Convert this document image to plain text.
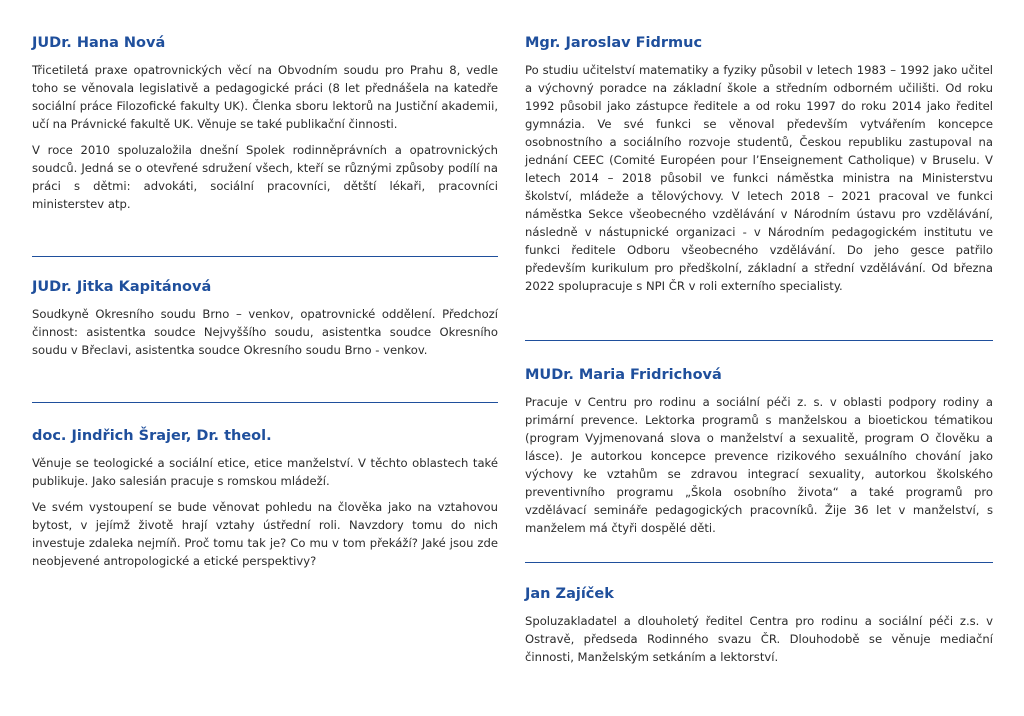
JUDr. Hana Nová

Třicetiletá praxe opatrovnických věcí na Obvodním soudu pro Prahu 8, vedle toho se věnovala legislativě a pedagogické práci (8 let přednášela na katedře sociální práce Filozofické fakulty UK). Členka sboru lektorů na Justiční akademii, učí na Právnické fakultě UK. Věnuje se také publikační činnosti.

V roce 2010 spoluzaložila dnešní Spolek rodinněprávních a opatrovnických soudců. Jedná se o otevřené sdružení všech, kteří se různými způsoby podílí na práci s dětmi: advokáti, sociální pracovníci, dětští lékaři, pracovníci ministerstev atp.

JUDr. Jitka Kapitánová

Soudkyně Okresního soudu Brno – venkov, opatrovnické oddělení. Předchozí činnost: asistentka soudce Nejvyššího soudu, asistentka soudce Okresního soudu v Břeclavi, asistentka soudce Okresního soudu Brno - venkov.

doc. Jindřich Šrajer, Dr. theol.

Věnuje se teologické a sociální etice, etice manželství. V těchto oblastech také publikuje. Jako salesián pracuje s romskou mládeží.

Ve svém vystoupení se bude věnovat pohledu na člověka jako na vztahovou bytost, v jejímž životě hrají vztahy ústřední roli. Navzdory tomu do nich investuje zdaleka nejmíň. Proč tomu tak je? Co mu v tom překáží? Jaké jsou zde neobjevené antropologické a etické perspektivy?

Mgr. Jaroslav Fidrmuc

Po studiu učitelství matematiky a fyziky působil v letech 1983 – 1992 jako učitel a výchovný poradce na základní škole a středním odborném učilišti. Od roku 1992 působil jako zástupce ředitele a od roku 1997 do roku 2014 jako ředitel gymnázia. Ve své funkci se věnoval především vytvářením koncepce osobnostního a sociálního rozvoje studentů, Českou republiku zastupoval na jednání CEEC (Comité Européen pour l’Enseignement Catholique) v Bruselu. V letech 2014 – 2018 působil ve funkci náměstka ministra na Ministerstvu školství, mládeže a tělovýchovy. V letech 2018 – 2021 pracoval ve funkci náměstka Sekce všeobecného vzdělávání v Národním ústavu pro vzdělávání, následně v nástupnické organizaci - v Národním pedagogickém institutu ve funkci ředitele Odboru všeobecného vzdělávání. Do jeho gesce patřilo především kurikulum pro předškolní, základní a střední vzdělávání. Od března 2022 spolupracuje s NPI ČR v roli externího specialisty.

MUDr. Maria Fridrichová

Pracuje v Centru pro rodinu a sociální péči z. s. v oblasti podpory rodiny a primární prevence. Lektorka programů s manželskou a bioetickou tématikou (program Vyjmenovaná slova o manželství a sexualitě, program O člověku a lásce). Je autorkou koncepce prevence rizikového sexuálního chování jako výchovy ke vztahům se zdravou integrací sexuality, autorkou školského preventivního programu „Škola osobního života“ a také programů pro vzdělávací semináře pedagogických pracovníků. Žije 36 let v manželství, s manželem má čtyři dospělé děti.

Jan Zajíček

Spoluzakladatel a dlouholetý ředitel Centra pro rodinu a sociální péči z.s. v Ostravě, předseda Rodinného svazu ČR. Dlouhodobě se věnuje mediační činnosti, Manželským setkáním a lektorství.
